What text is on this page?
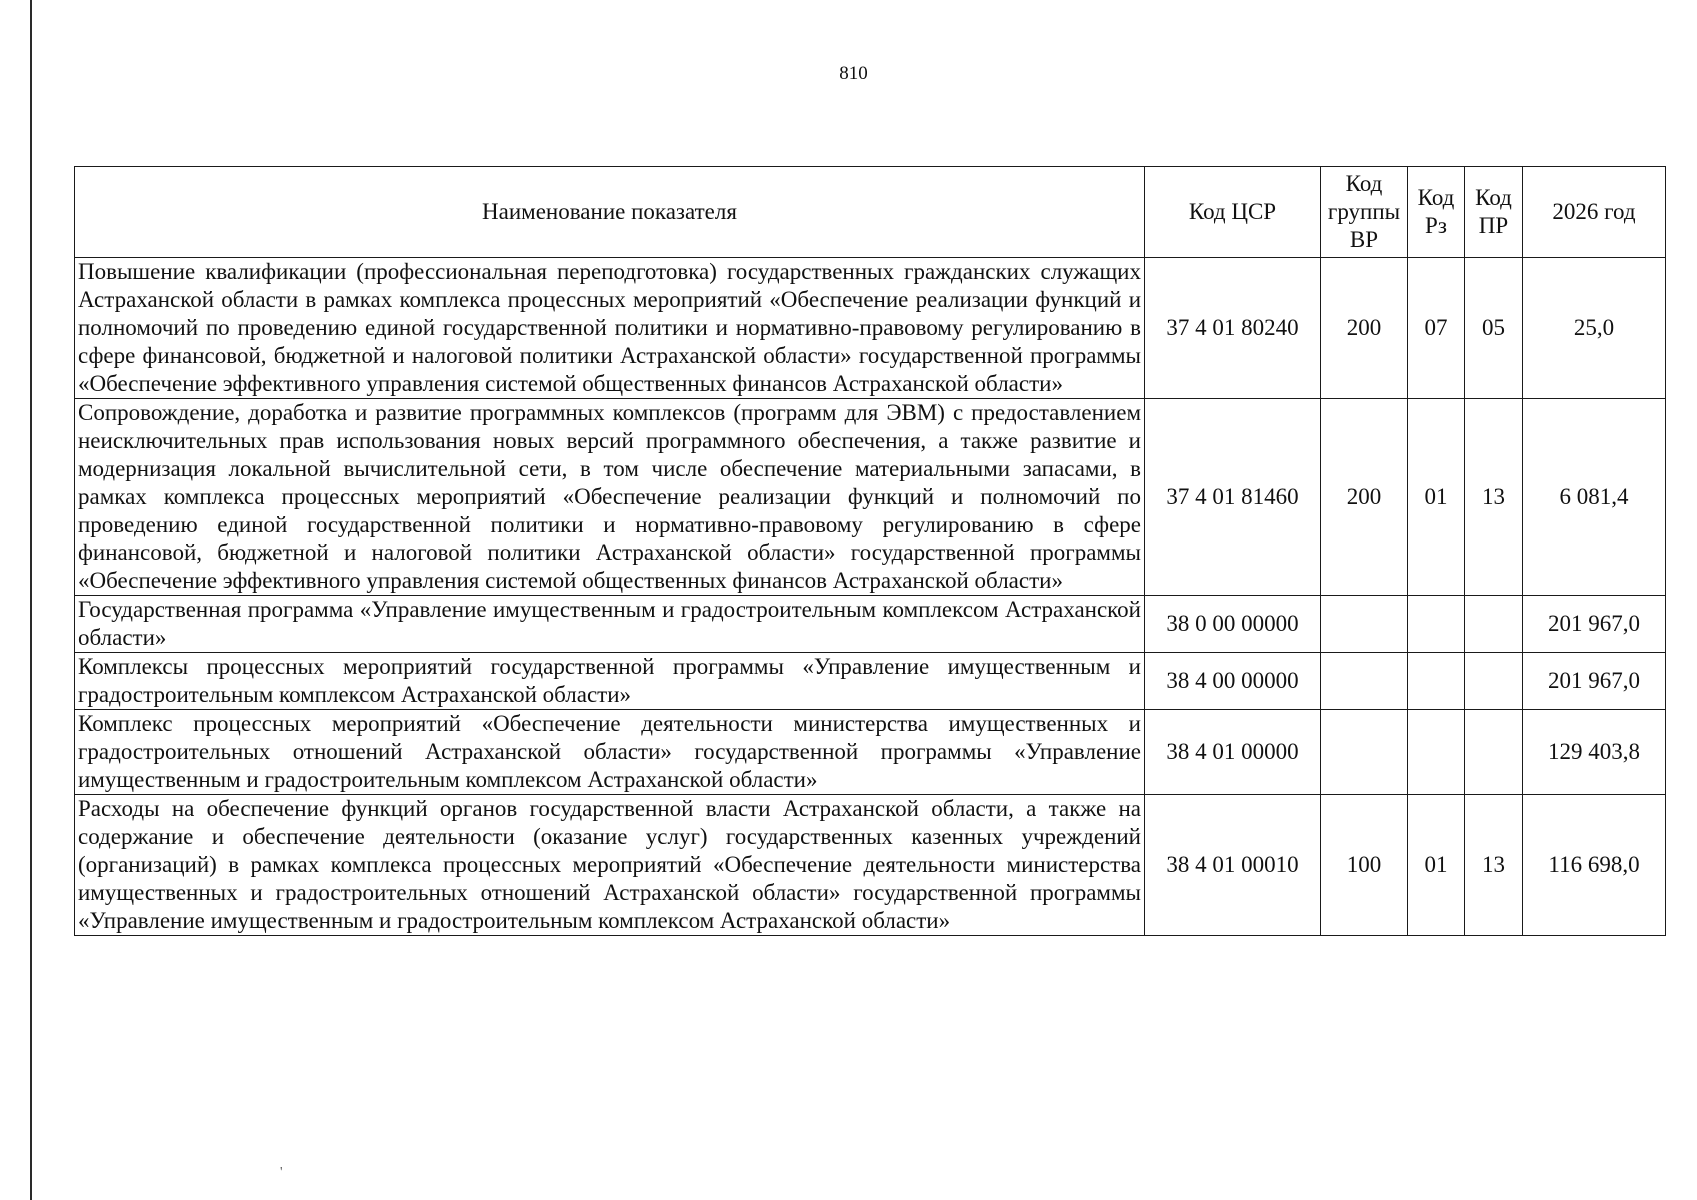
810
Наименование показателя	Код ЦСР	Код группы ВР	Код Рз	Код ПР	2026 год
Повышение квалификации (профессиональная переподготовка) государственных гражданских служащих Астраханской области в рамках комплекса процессных мероприятий «Обеспечение реализации функций и полномочий по проведению единой государственной политики и нормативно-правовому регулированию в сфере финансовой, бюджетной и налоговой политики Астраханской области» государственной программы «Обеспечение эффективного управления системой общественных финансов Астраханской области»	37 4 01 80240	200	07	05	25,0
Сопровождение, доработка и развитие программных комплексов (программ для ЭВМ) с предоставлением неисключительных прав использования новых версий программного обеспечения, а также развитие и модернизация локальной вычислительной сети, в том числе обеспечение материальными запасами, в рамках комплекса процессных мероприятий «Обеспечение реализации функций и полномочий по проведению единой государственной политики и нормативно-правовому регулированию в сфере финансовой, бюджетной и налоговой политики Астраханской области» государственной программы «Обеспечение эффективного управления системой общественных финансов Астраханской области»	37 4 01 81460	200	01	13	6 081,4
Государственная программа «Управление имущественным и градостроительным комплексом Астраханской области»	38 0 00 00000				201 967,0
Комплексы процессных мероприятий государственной программы «Управление имущественным и градостроительным комплексом Астраханской области»	38 4 00 00000				201 967,0
Комплекс процессных мероприятий «Обеспечение деятельности министерства имущественных и градостроительных отношений Астраханской области» государственной программы «Управление имущественным и градостроительным комплексом Астраханской области»	38 4 01 00000				129 403,8
Расходы на обеспечение функций органов государственной власти Астраханской области, а также на содержание и обеспечение деятельности (оказание услуг) государственных казенных учреждений (организаций) в рамках комплекса процессных мероприятий «Обеспечение деятельности министерства имущественных и градостроительных отношений Астраханской области» государственной программы «Управление имущественным и градостроительным комплексом Астраханской области»	38 4 01 00010	100	01	13	116 698,0
'
